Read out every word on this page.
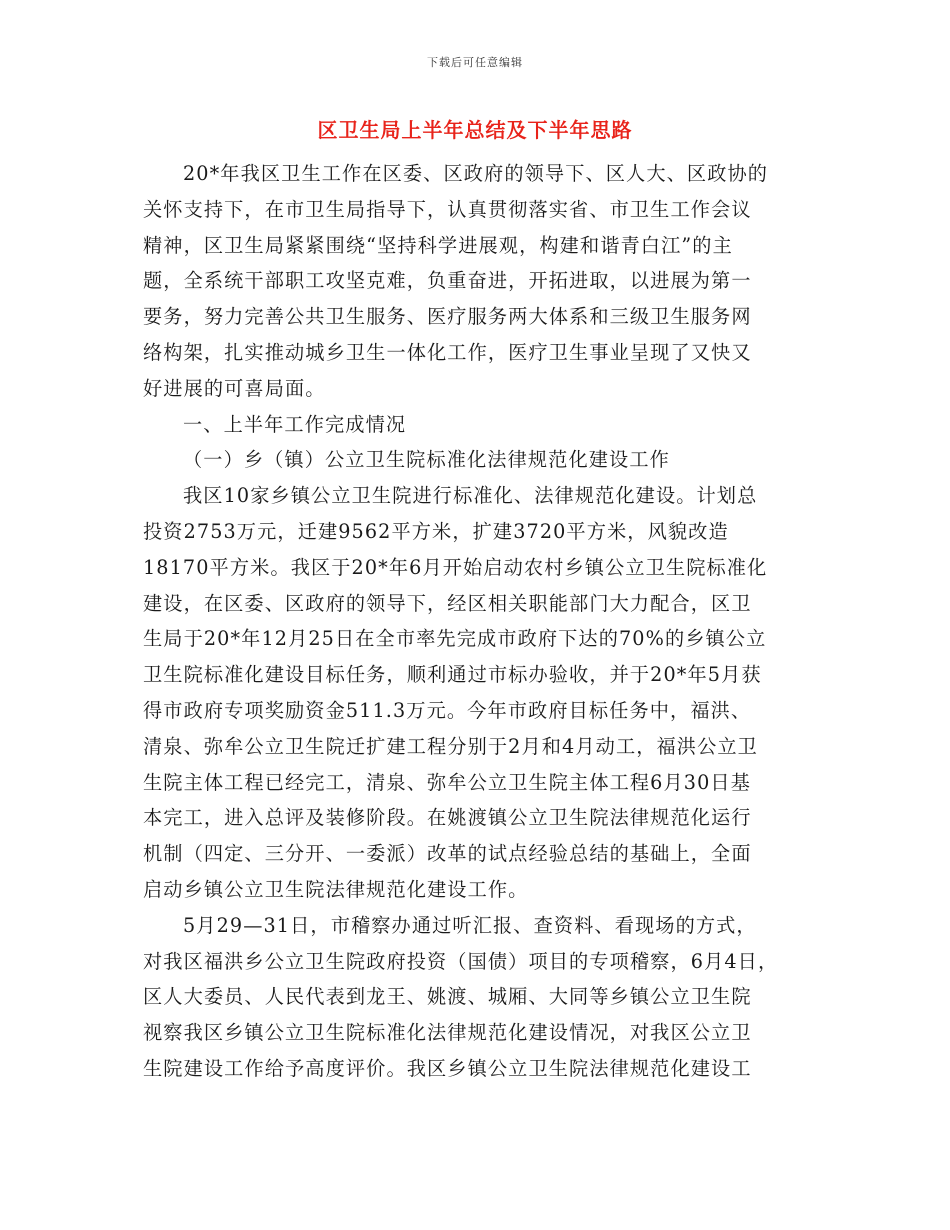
下载后可任意编辑
区卫生局上半年总结及下半年思路
20*年我区卫生工作在区委、区政府的领导下、区人大、区政协的
关怀支持下，在市卫生局指导下，认真贯彻落实省、市卫生工作会议
精神，区卫生局紧紧围绕“坚持科学进展观，构建和谐青白江”的主
题，全系统干部职工攻坚克难，负重奋进，开拓进取，以进展为第一
要务，努力完善公共卫生服务、医疗服务两大体系和三级卫生服务网
络构架，扎实推动城乡卫生一体化工作，医疗卫生事业呈现了又快又
好进展的可喜局面。
一、上半年工作完成情况
（一）乡（镇）公立卫生院标准化法律规范化建设工作
我区10家乡镇公立卫生院进行标准化、法律规范化建设。计划总
投资2753万元，迁建9562平方米，扩建3720平方米，风貌改造
18170平方米。我区于20*年6月开始启动农村乡镇公立卫生院标准化
建设，在区委、区政府的领导下，经区相关职能部门大力配合，区卫
生局于20*年12月25日在全市率先完成市政府下达的70%的乡镇公立
卫生院标准化建设目标任务，顺利通过市标办验收，并于20*年5月获
得市政府专项奖励资金511.3万元。今年市政府目标任务中，福洪、
清泉、弥牟公立卫生院迁扩建工程分别于2月和4月动工，福洪公立卫
生院主体工程已经完工，清泉、弥牟公立卫生院主体工程6月30日基
本完工，进入总评及装修阶段。在姚渡镇公立卫生院法律规范化运行
机制（四定、三分开、一委派）改革的试点经验总结的基础上，全面
启动乡镇公立卫生院法律规范化建设工作。
5月29—31日，市稽察办通过听汇报、查资料、看现场的方式，
对我区福洪乡公立卫生院政府投资（国债）项目的专项稽察，6月4日，
区人大委员、人民代表到龙王、姚渡、城厢、大同等乡镇公立卫生院
视察我区乡镇公立卫生院标准化法律规范化建设情况，对我区公立卫
生院建设工作给予高度评价。我区乡镇公立卫生院法律规范化建设工
